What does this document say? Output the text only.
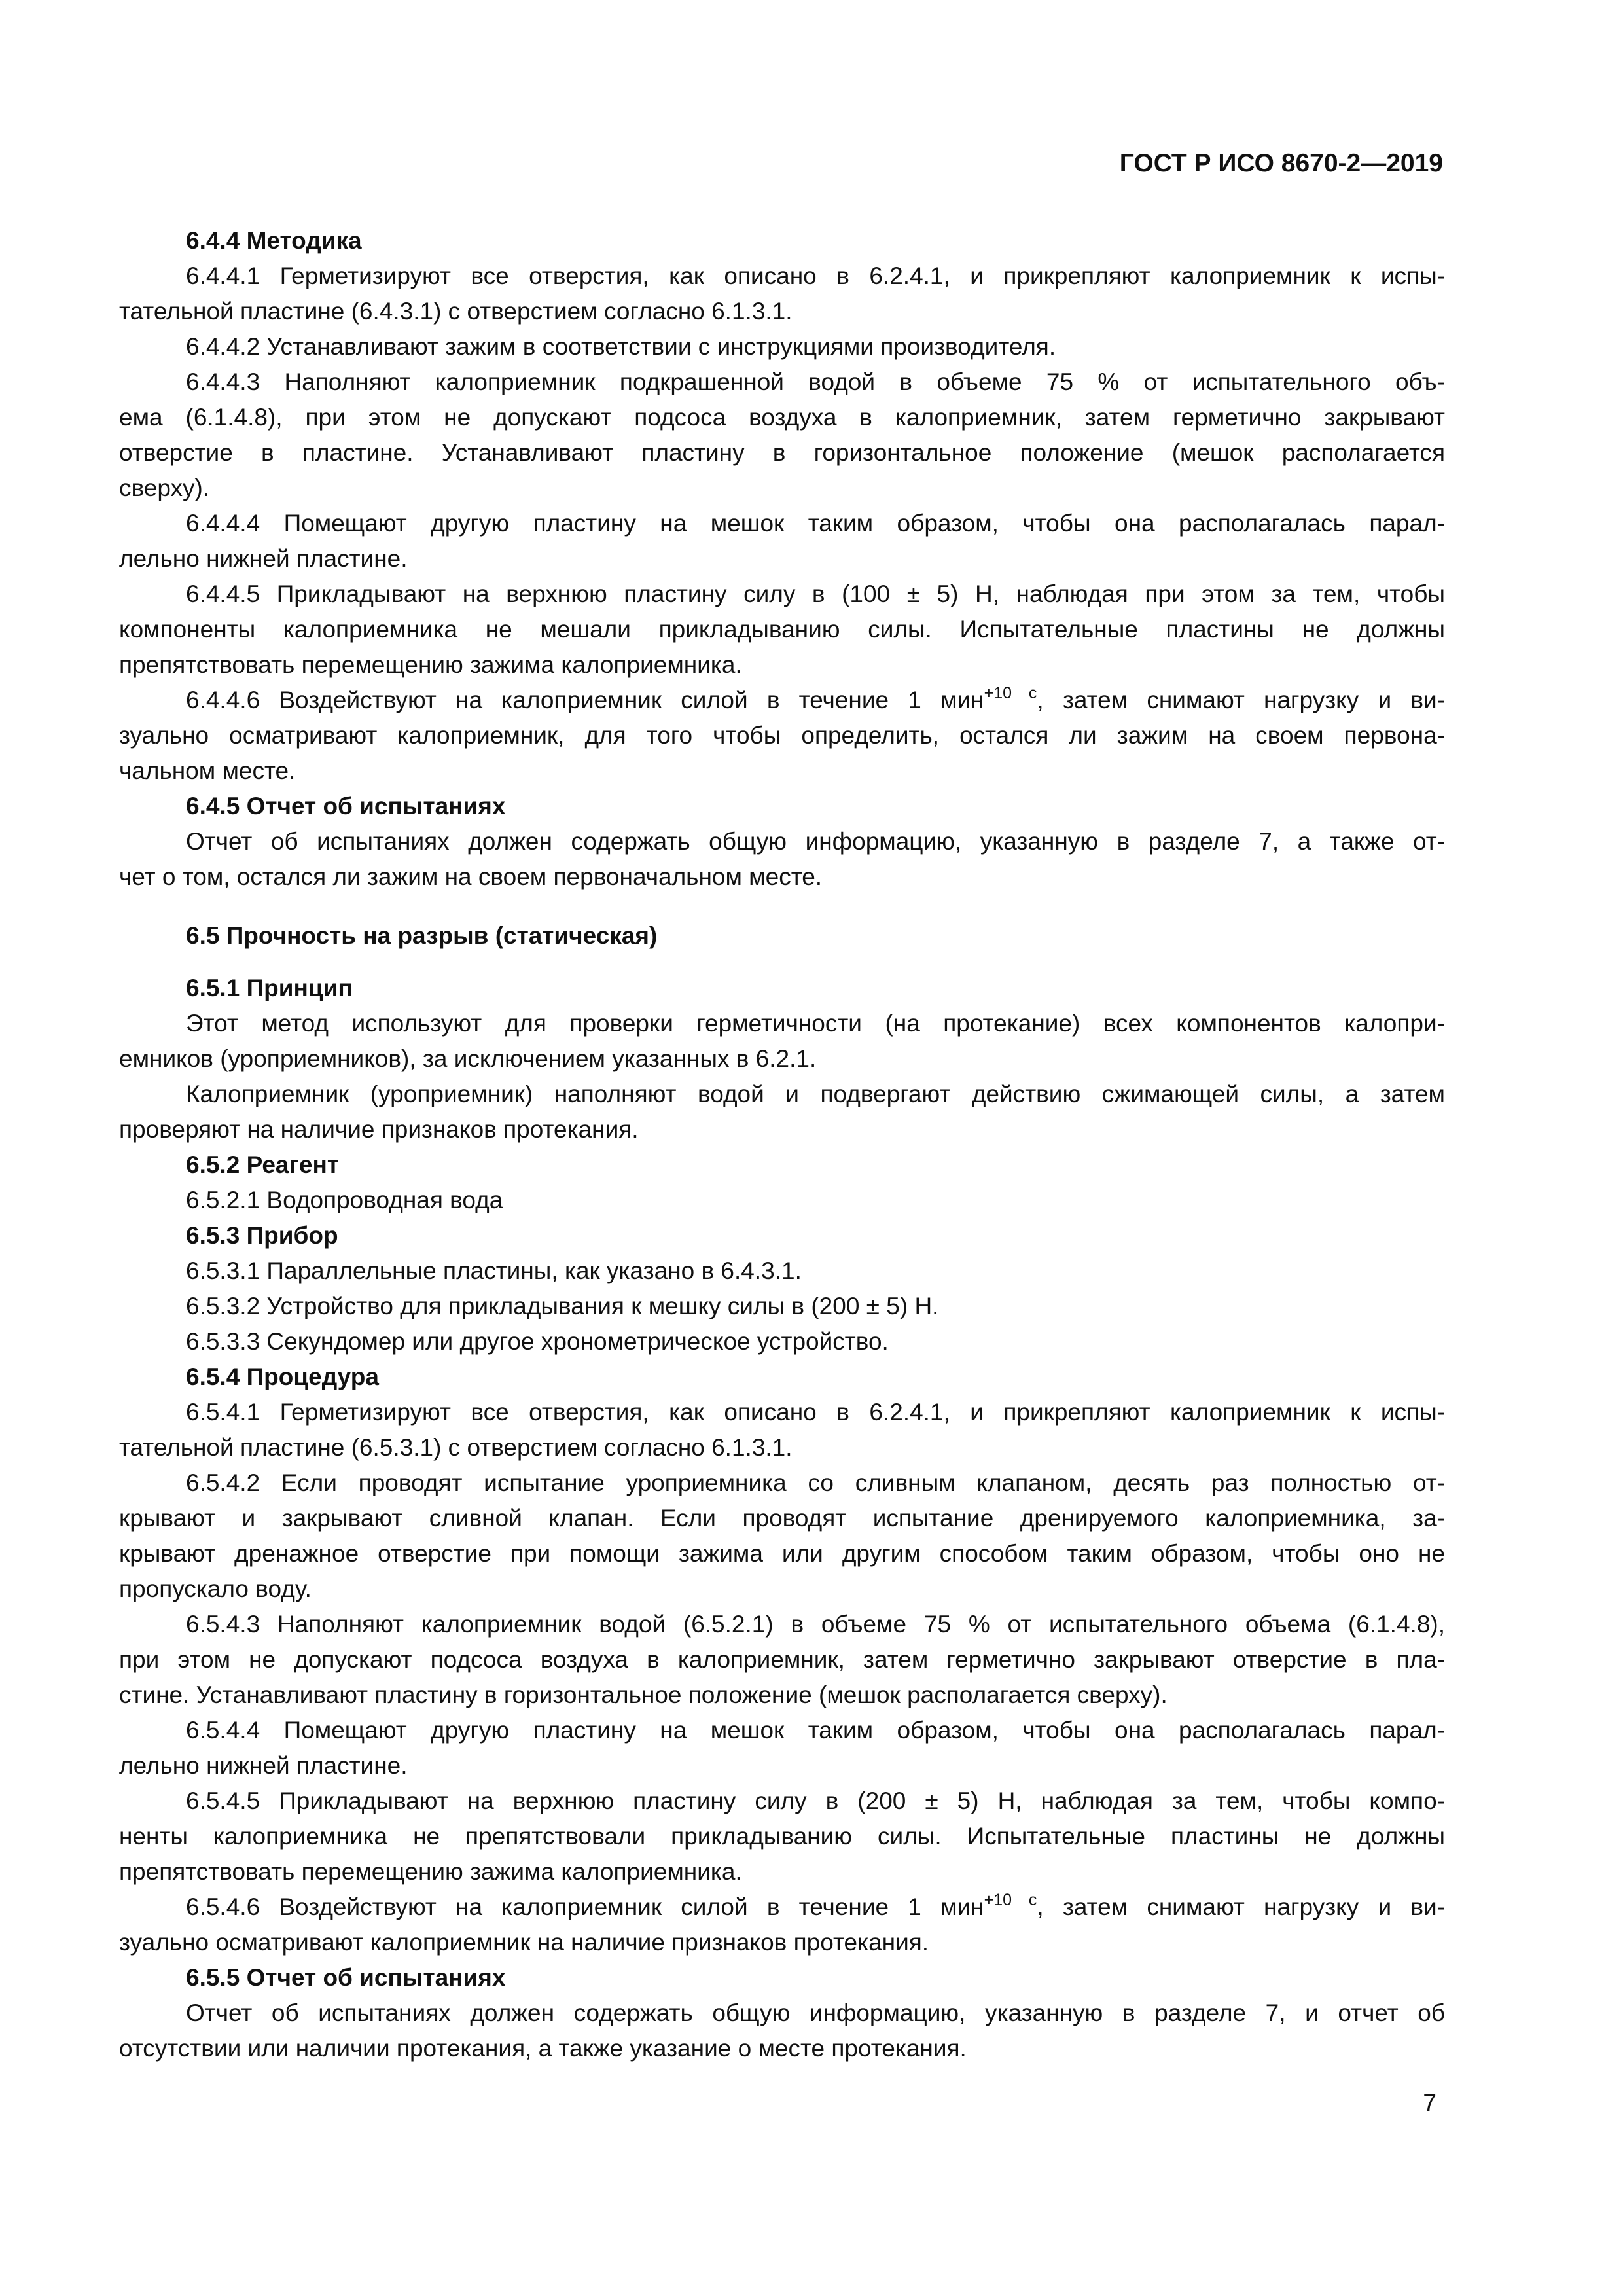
ГОСТ Р ИСО 8670-2—2019
6.4.4 Методика
6.4.4.1 Герметизируют все отверстия, как описано в 6.2.4.1, и прикрепляют калоприемник к испы-
тательной пластине (6.4.3.1) с отверстием согласно 6.1.3.1.
6.4.4.2 Устанавливают зажим в соответствии с инструкциями производителя.
6.4.4.3 Наполняют калоприемник подкрашенной водой в объеме 75 % от испытательного объ-
ема (6.1.4.8), при этом не допускают подсоса воздуха в калоприемник, затем герметично закрывают
отверстие в пластине. Устанавливают пластину в горизонтальное положение (мешок располагается
сверху).
6.4.4.4 Помещают другую пластину на мешок таким образом, чтобы она располагалась парал-
лельно нижней пластине.
6.4.4.5 Прикладывают на верхнюю пластину силу в (100 ± 5) Н, наблюдая при этом за тем, чтобы
компоненты калоприемника не мешали прикладыванию силы. Испытательные пластины не должны
препятствовать перемещению зажима калоприемника.
6.4.4.6 Воздействуют на калоприемник силой в течение 1 мин$^{+10 с}$, затем снимают нагрузку и ви-
зуально осматривают калоприемник, для того чтобы определить, остался ли зажим на своем первона-
чальном месте.
6.4.5 Отчет об испытаниях
Отчет об испытаниях должен содержать общую информацию, указанную в разделе 7, а также от-
чет о том, остался ли зажим на своем первоначальном месте.
6.5 Прочность на разрыв (статическая)
6.5.1 Принцип
Этот метод используют для проверки герметичности (на протекание) всех компонентов калопри-
емников (уроприемников), за исключением указанных в 6.2.1.
Калоприемник (уроприемник) наполняют водой и подвергают действию сжимающей силы, а затем
проверяют на наличие признаков протекания.
6.5.2 Реагент
6.5.2.1 Водопроводная вода
6.5.3 Прибор
6.5.3.1 Параллельные пластины, как указано в 6.4.3.1.
6.5.3.2 Устройство для прикладывания к мешку силы в (200 ± 5) Н.
6.5.3.3 Секундомер или другое хронометрическое устройство.
6.5.4 Процедура
6.5.4.1 Герметизируют все отверстия, как описано в 6.2.4.1, и прикрепляют калоприемник к испы-
тательной пластине (6.5.3.1) с отверстием согласно 6.1.3.1.
6.5.4.2 Если проводят испытание уроприемника со сливным клапаном, десять раз полностью от-
крывают и закрывают сливной клапан. Если проводят испытание дренируемого калоприемника, за-
крывают дренажное отверстие при помощи зажима или другим способом таким образом, чтобы оно не
пропускало воду.
6.5.4.3 Наполняют калоприемник водой (6.5.2.1) в объеме 75 % от испытательного объема (6.1.4.8),
при этом не допускают подсоса воздуха в калоприемник, затем герметично закрывают отверстие в пла-
стине. Устанавливают пластину в горизонтальное положение (мешок располагается сверху).
6.5.4.4 Помещают другую пластину на мешок таким образом, чтобы она располагалась парал-
лельно нижней пластине.
6.5.4.5 Прикладывают на верхнюю пластину силу в (200 ± 5) Н, наблюдая за тем, чтобы компо-
ненты калоприемника не препятствовали прикладыванию силы. Испытательные пластины не должны
препятствовать перемещению зажима калоприемника.
6.5.4.6 Воздействуют на калоприемник силой в течение 1 мин$^{+10 с}$, затем снимают нагрузку и ви-
зуально осматривают калоприемник на наличие признаков протекания.
6.5.5 Отчет об испытаниях
Отчет об испытаниях должен содержать общую информацию, указанную в разделе 7, и отчет об
отсутствии или наличии протекания, а также указание о месте протекания.
7
